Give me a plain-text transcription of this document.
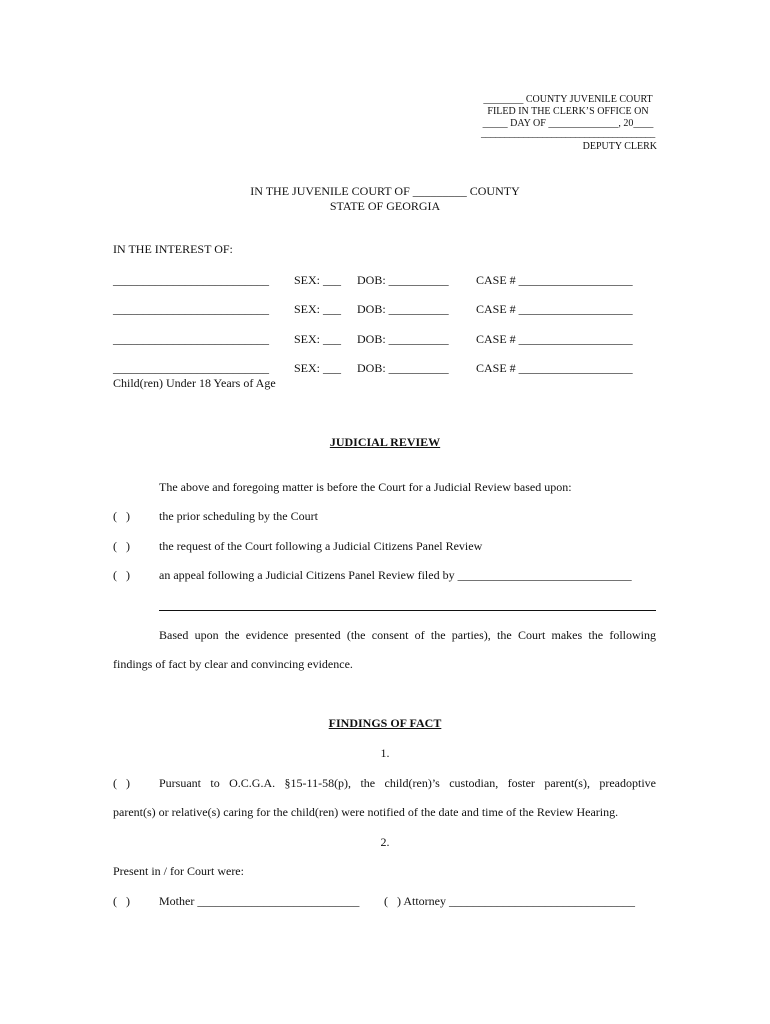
________ COUNTY JUVENILE COURT
FILED IN THE CLERK’S OFFICE ON
_____ DAY OF ______________, 20____
_____________________________________
DEPUTY CLERK
IN THE JUVENILE COURT OF _________ COUNTY
STATE OF GEORGIA
IN THE INTEREST OF:
__________________________ SEX: ___ DOB: __________ CASE # ___________________
__________________________ SEX: ___ DOB: __________ CASE # ___________________
__________________________ SEX: ___ DOB: __________ CASE # ___________________
__________________________ SEX: ___ DOB: __________ CASE # ___________________
Child(ren) Under 18 Years of Age
JUDICIAL REVIEW
The above and foregoing matter is before the Court for a Judicial Review based upon:
(   ) the prior scheduling by the Court
(   ) the request of the Court following a Judicial Citizens Panel Review
(   ) an appeal following a Judicial Citizens Panel Review filed by _____________________________
Based upon the evidence presented (the consent of the parties), the Court makes the following
findings of fact by clear and convincing evidence.
FINDINGS OF FACT
1.
(   ) Pursuant to O.C.G.A. §15-11-58(p), the child(ren)’s custodian, foster parent(s), preadoptive
parent(s) or relative(s) caring for the child(ren) were notified of the date and time of the Review Hearing.
2.
Present in / for Court were:
(   ) Mother ___________________________ (   ) Attorney _______________________________
